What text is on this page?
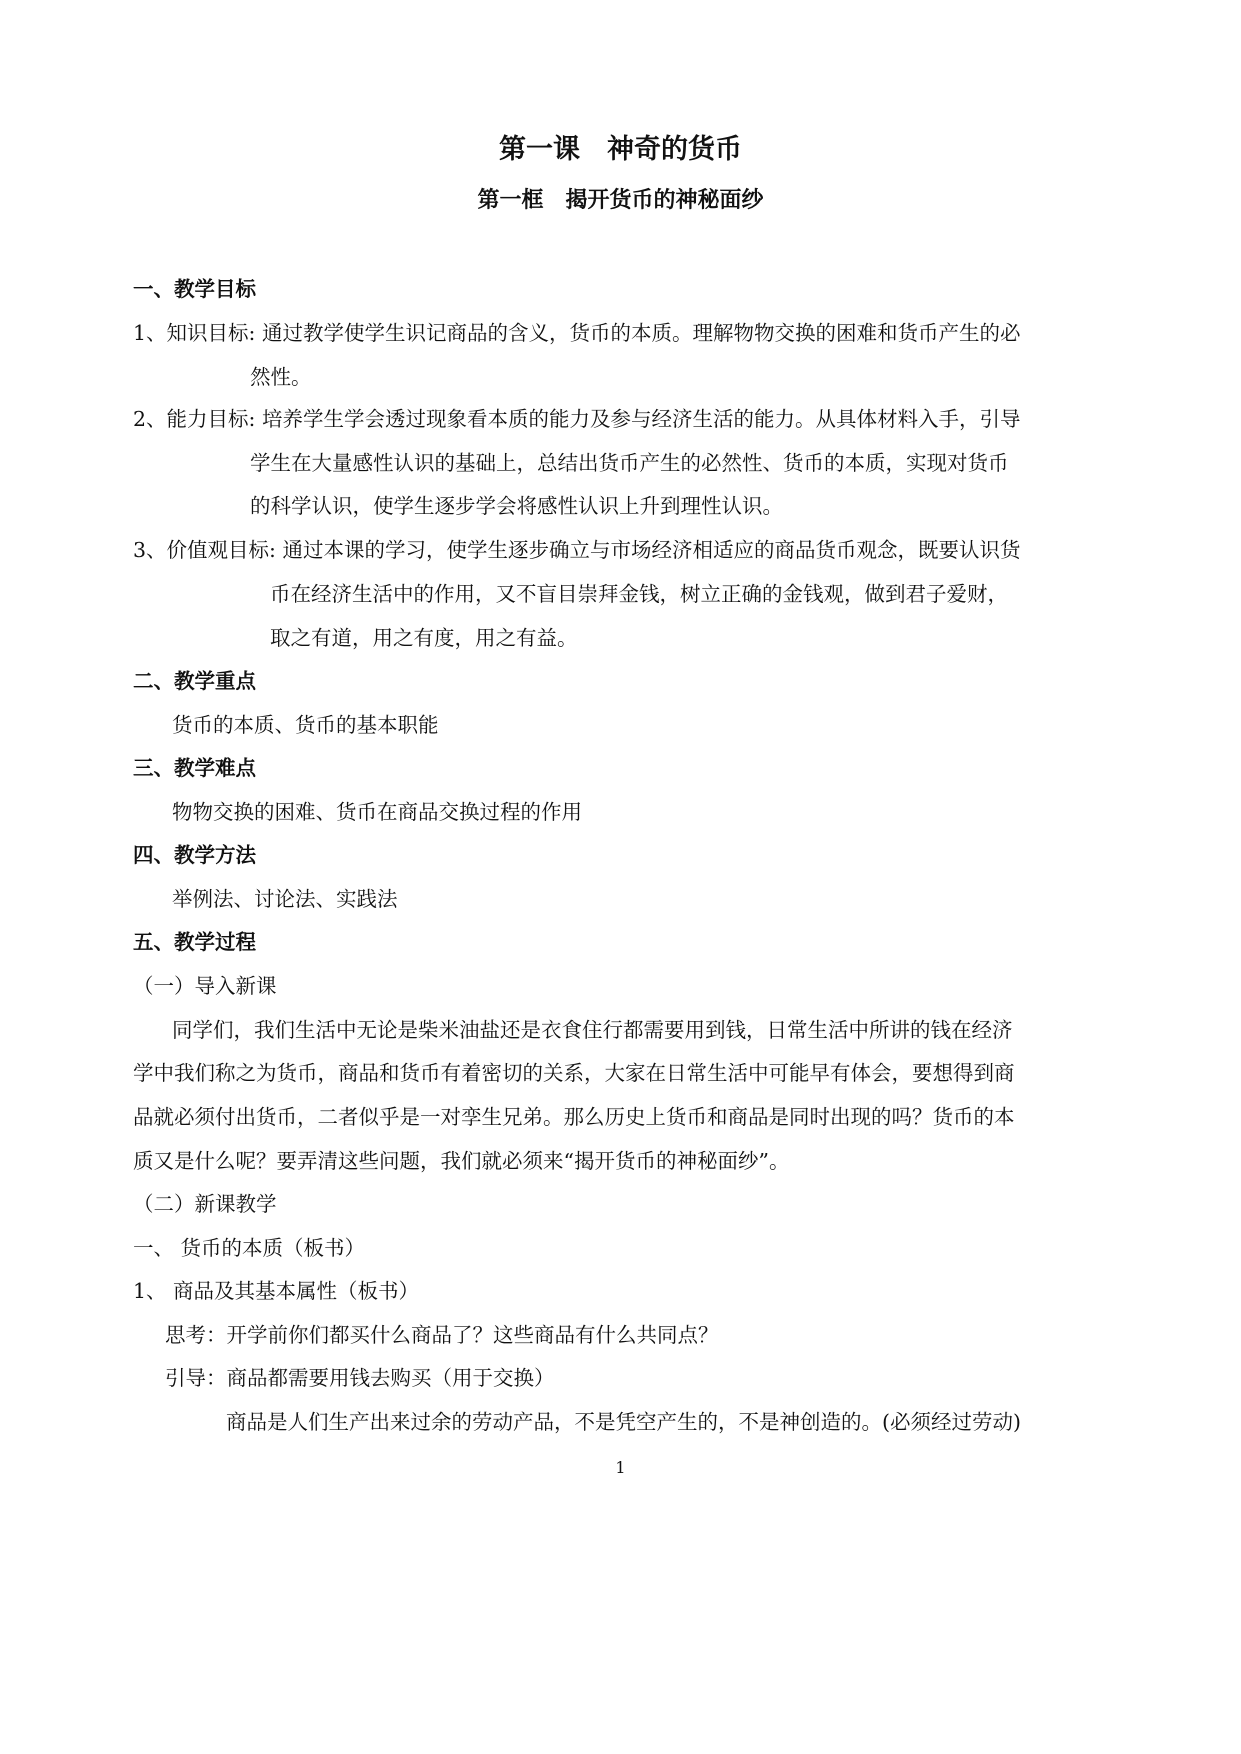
第一课　神奇的货币
第一框　揭开货币的神秘面纱
一、教学目标
1、知识目标: 通过教学使学生识记商品的含义，货币的本质。理解物物交换的困难和货币产生的必
然性。
2、能力目标: 培养学生学会透过现象看本质的能力及参与经济生活的能力。从具体材料入手，引导
学生在大量感性认识的基础上，总结出货币产生的必然性、货币的本质，实现对货币
的科学认识，使学生逐步学会将感性认识上升到理性认识。
3、价值观目标: 通过本课的学习，使学生逐步确立与市场经济相适应的商品货币观念，既要认识货
币在经济生活中的作用，又不盲目崇拜金钱，树立正确的金钱观，做到君子爱财，
取之有道，用之有度，用之有益。
二、教学重点
货币的本质、货币的基本职能
三、教学难点
物物交换的困难、货币在商品交换过程的作用
四、教学方法
举例法、讨论法、实践法
五、教学过程
（一）导入新课
同学们，我们生活中无论是柴米油盐还是衣食住行都需要用到钱，日常生活中所讲的钱在经济
学中我们称之为货币，商品和货币有着密切的关系，大家在日常生活中可能早有体会，要想得到商
品就必须付出货币，二者似乎是一对孪生兄弟。那么历史上货币和商品是同时出现的吗？货币的本
质又是什么呢？要弄清这些问题，我们就必须来“揭开货币的神秘面纱”。
（二）新课教学
一、 货币的本质（板书）
1、 商品及其基本属性（板书）
思考：开学前你们都买什么商品了？这些商品有什么共同点？
引导：商品都需要用钱去购买（用于交换）
商品是人们生产出来过余的劳动产品，不是凭空产生的，不是神创造的。(必须经过劳动)
1
